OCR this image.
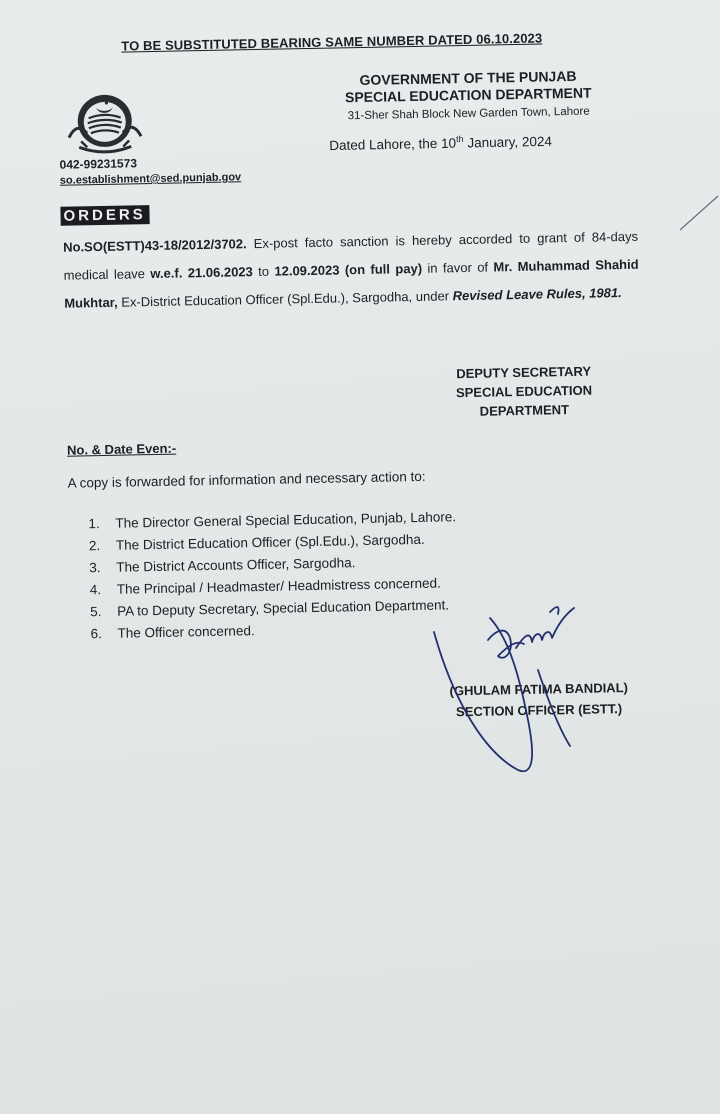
TO BE SUBSTITUTED BEARING SAME NUMBER DATED 06.10.2023
GOVERNMENT OF THE PUNJAB
SPECIAL EDUCATION DEPARTMENT
31-Sher Shah Block New Garden Town, Lahore
042-99231573
so.establishment@sed.punjab.gov
Dated Lahore, the 10th January, 2024
ORDERS
No.SO(ESTT)43-18/2012/3702. Ex-post facto sanction is hereby accorded to grant of 84-days medical leave w.e.f. 21.06.2023 to 12.09.2023 (on full pay) in favor of Mr. Muhammad Shahid Mukhtar, Ex-District Education Officer (Spl.Edu.), Sargodha, under Revised Leave Rules, 1981.
DEPUTY SECRETARY
SPECIAL EDUCATION
DEPARTMENT
No. & Date Even:-
A copy is forwarded for information and necessary action to:
1.	The Director General Special Education, Punjab, Lahore.
2.	The District Education Officer (Spl.Edu.), Sargodha.
3.	The District Accounts Officer, Sargodha.
4.	The Principal / Headmaster/ Headmistress concerned.
5.	PA to Deputy Secretary, Special Education Department.
6.	The Officer concerned.
(GHULAM FATIMA BANDIAL)
SECTION OFFICER (ESTT.)
